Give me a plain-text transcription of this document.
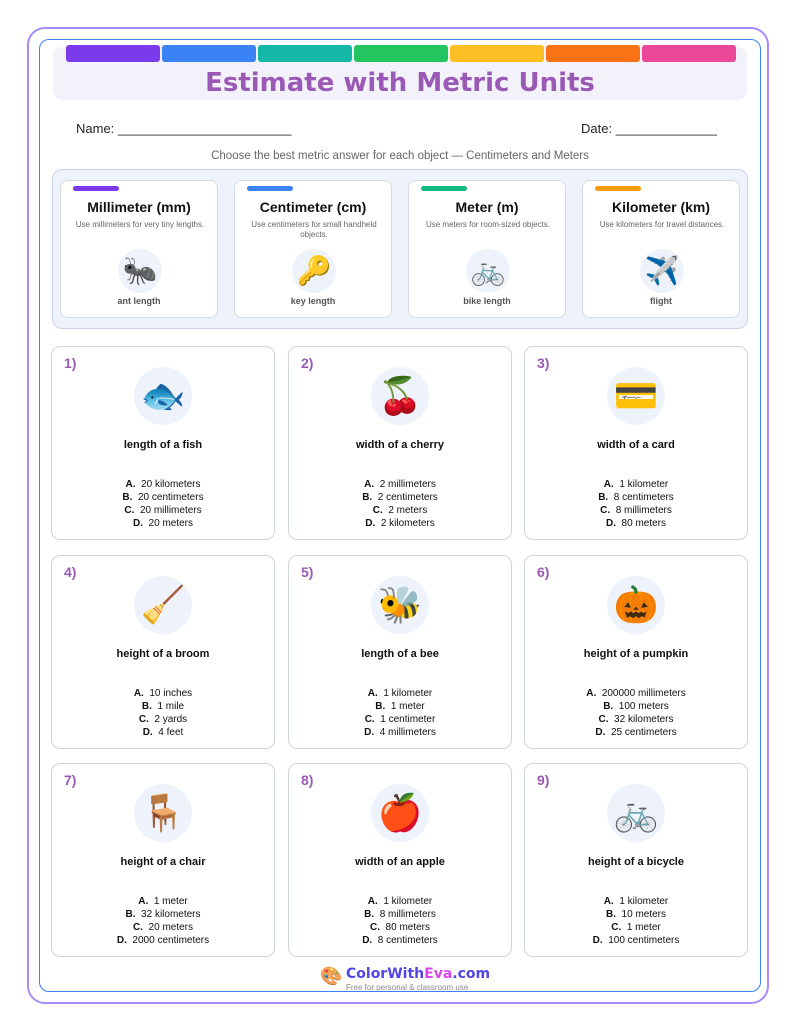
Estimate with Metric Units
Name: ________________________	Date: ______________
Choose the best metric answer for each object — Centimeters and Meters
Millimeter (mm)
Use millimeters for very tiny lengths.
🐜
ant length
Centimeter (cm)
Use centimeters for small handheld objects.
🔑
key length
Meter (m)
Use meters for room-sized objects.
🚲
bike length
Kilometer (km)
Use kilometers for travel distances.
✈️
flight
1)
🐟
length of a fish
A. 20 kilometers
B. 20 centimeters
C. 20 millimeters
D. 20 meters
2)
🍒
width of a cherry
A. 2 millimeters
B. 2 centimeters
C. 2 meters
D. 2 kilometers
3)
💳
width of a card
A. 1 kilometer
B. 8 centimeters
C. 8 millimeters
D. 80 meters
4)
🧹
height of a broom
A. 10 inches
B. 1 mile
C. 2 yards
D. 4 feet
5)
🐝
length of a bee
A. 1 kilometer
B. 1 meter
C. 1 centimeter
D. 4 millimeters
6)
🎃
height of a pumpkin
A. 200000 millimeters
B. 100 meters
C. 32 kilometers
D. 25 centimeters
7)
🪑
height of a chair
A. 1 meter
B. 32 kilometers
C. 20 meters
D. 2000 centimeters
8)
🍎
width of an apple
A. 1 kilometer
B. 8 millimeters
C. 80 meters
D. 8 centimeters
9)
🚲
height of a bicycle
A. 1 kilometer
B. 10 meters
C. 1 meter
D. 100 centimeters
🎨 ColorWithEva.com
Free for personal & classroom use
